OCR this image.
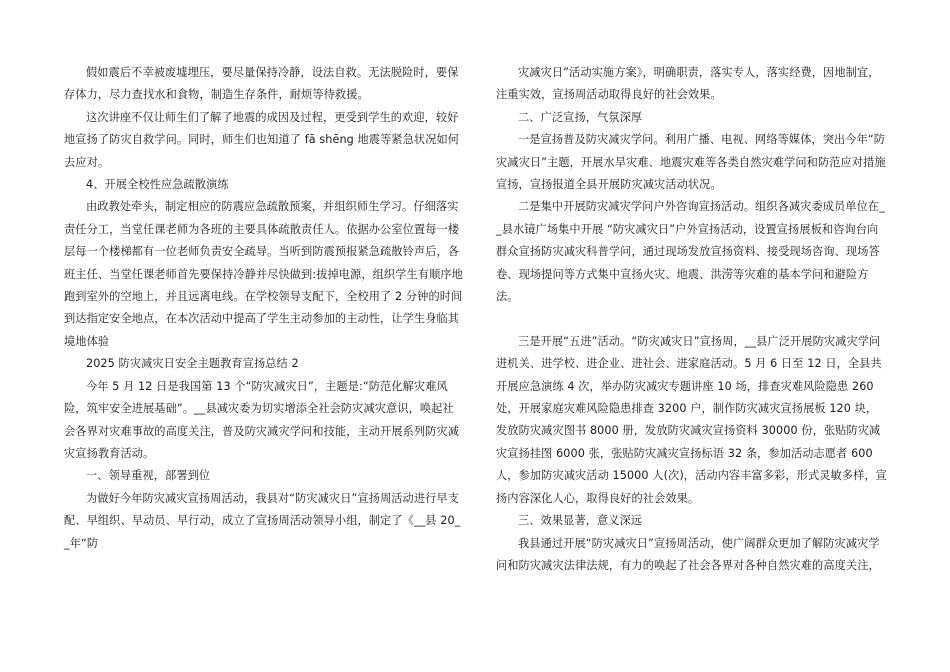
假如震后不幸被废墟埋压，要尽量保持冷静，设法自救。无法脱险时，要保存体力，尽力查找水和食物，制造生存条件，耐烦等待救援。

这次讲座不仅让师生们了解了地震的成因及过程，更受到学生的欢迎，较好地宣扬了防灾自救学问。同时，师生们也知道了 fā shēng 地震等紧急状况如何去应对。

4、开展全校性应急疏散演练

由政教处牵头，制定相应的防震应急疏散预案，并组织师生学习。仔细落实责任分工，当堂任课老师为各班的主要具体疏散责任人。依据办公室位置每一楼层每一个楼梯都有一位老师负责安全疏导。当听到防震预报紧急疏散铃声后，各班主任、当堂任课老师首先要保持冷静并尽快做到:拔掉电源，组织学生有顺序地跑到室外的空地上，并且远离电线。在学校领导支配下，全校用了 2 分钟的时间到达指定安全地点，在本次活动中提高了学生主动参加的主动性，让学生身临其境地体验

2025 防灾减灾日安全主题教育宣扬总结 2

今年 5 月 12 日是我国第 13 个“防灾减灾日”，主题是:“防范化解灾难风险，筑牢安全进展基础”。__县减灾委为切实增添全社会防灾减灾意识，唤起社会各界对灾难事故的高度关注，普及防灾减灾学问和技能，主动开展系列防灾减灾宣扬教育活动。

一、领导重视，部署到位

为做好今年防灾减灾宣扬周活动，我县对“防灾减灾日”宣扬周活动进行早支配、早组织、早动员、早行动，成立了宣扬周活动领导小组，制定了《__县 20__年“防

灾减灾日”活动实施方案》，明确职责，落实专人，落实经费，因地制宜，注重实效，宣扬周活动取得良好的社会效果。

二、广泛宣扬，气氛深厚

一是宣扬普及防灾减灾学问。利用广播、电视、网络等媒体，突出今年“防灾减灾日”主题，开展水旱灾难、地震灾难等各类自然灾难学问和防范应对措施宣扬，宣扬报道全县开展防灾减灾活动状况。

二是集中开展防灾减灾学问户外咨询宣扬活动。组织各减灾委成员单位在__县水镜广场集中开展 “防灾减灾日”户外宣扬活动，设置宣扬展板和咨询台向群众宣扬防灾减灾科普学问，通过现场发放宣扬资料、接受现场咨询、现场答卷、现场提问等方式集中宣扬火灾、地震、洪涝等灾难的基本学问和避险方法。

三是开展“五进”活动。“防灾减灾日”宣扬周，__县广泛开展防灾减灾学问进机关、进学校、进企业、进社会、进家庭活动。5 月 6 日至 12 日，全县共开展应急演练 4 次，举办防灾减灾专题讲座 10 场，排查灾难风险隐患 260 处，开展家庭灾难风险隐患排查 3200 户，制作防灾减灾宣扬展板 120 块，发放防灾减灾图书 8000 册，发放防灾减灾宣扬资料 30000 份，张贴防灾减灾宣扬挂图 6000 张，张贴防灾减灾宣扬标语 32 条，参加活动志愿者 600 人，参加防灾减灾活动 15000 人(次)，活动内容丰富多彩，形式灵敏多样，宣扬内容深化人心，取得良好的社会效果。

三、效果显著，意义深远

我县通过开展“防灾减灾日”宣扬周活动，使广阔群众更加了解防灾减灾学问和防灾减灾法律法规，有力的唤起了社会各界对各种自然灾难的高度关注，
